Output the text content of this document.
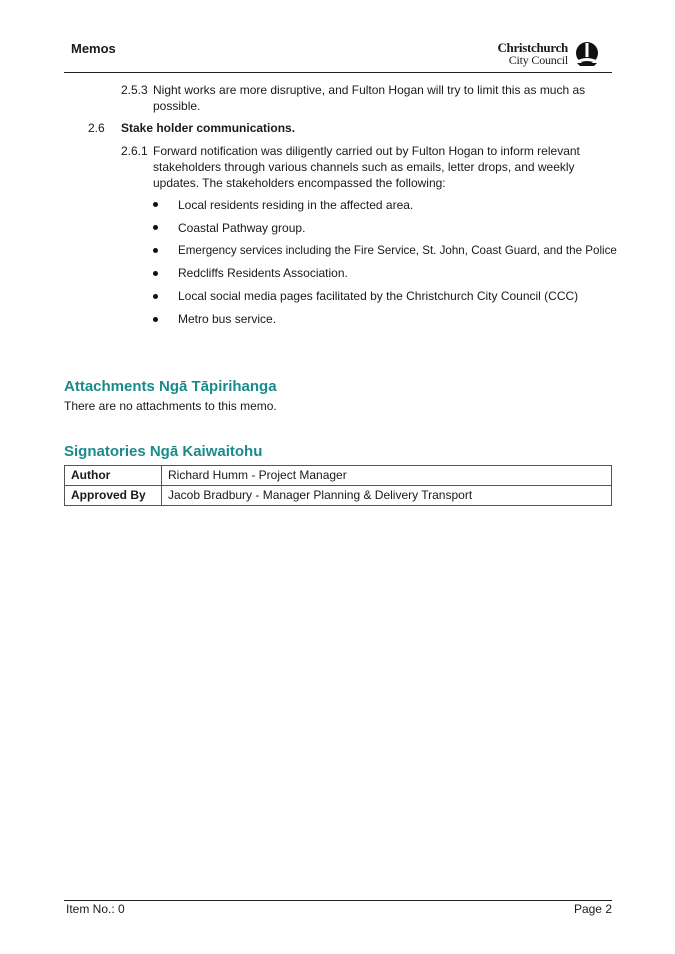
Memos	Christchurch
City Council
2.5.3 Night works are more disruptive, and Fulton Hogan will try to limit this as much as
possible.
2.6 Stake holder communications.
2.6.1 Forward notification was diligently carried out by Fulton Hogan to inform relevant
stakeholders through various channels such as emails, letter drops, and weekly
updates. The stakeholders encompassed the following:
Local residents residing in the affected area.
Coastal Pathway group.
Emergency services including the Fire Service, St. John, Coast Guard, and the Police
Redcliffs Residents Association.
Local social media pages facilitated by the Christchurch City Council (CCC)
Metro bus service.
Attachments Ngā Tāpirihanga
There are no attachments to this memo.
Signatories Ngā Kaiwaitohu
Author	Richard Humm - Project Manager
Approved By	Jacob Bradbury - Manager Planning & Delivery Transport
Item No.: 0	Page 2
